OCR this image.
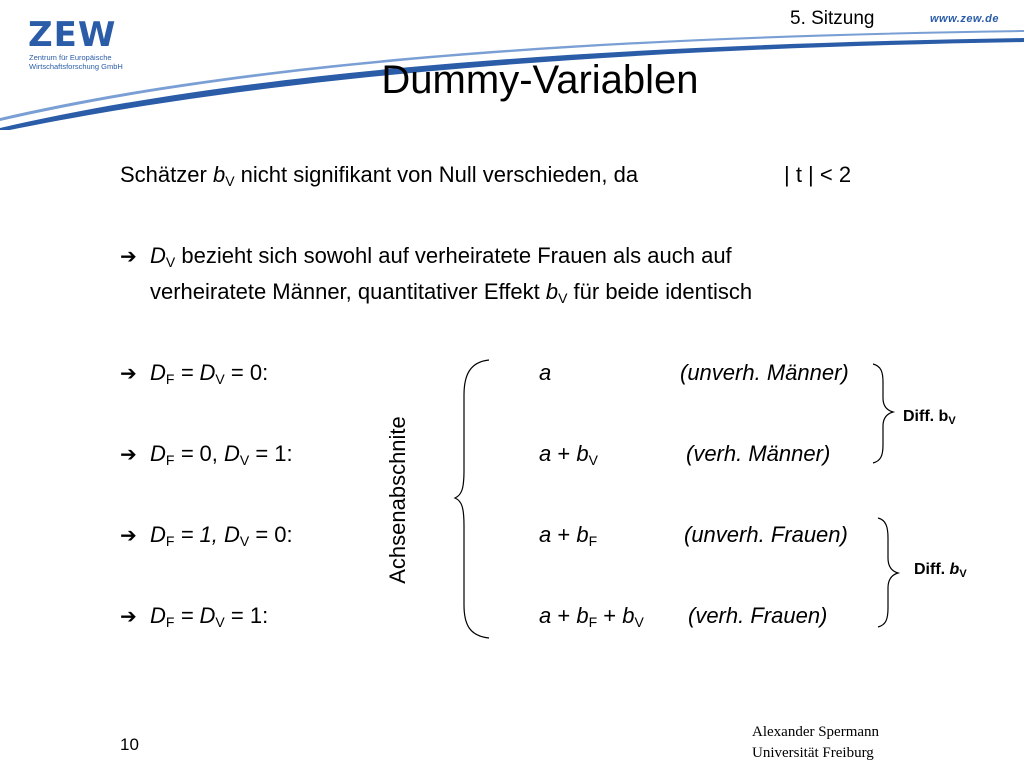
ZEW
Zentrum für Europäische Wirtschaftsforschung GmbH
5. Sitzung	www.zew.de
Dummy-Variablen
Schätzer $b_V$ nicht signifikant von Null verschieden, da	| t | < 2
➔ $D_V$ bezieht sich sowohl auf verheiratete Frauen als auch auf
verheiratete Männer, quantitativer Effekt $b_V$ für beide identisch
➔ $D_F = D_V = 0$:	a	(unverh. Männer)
➔ $D_F = 0$, $D_V = 1$:	$a + b_V$	(verh. Männer)
➔ $D_F = 1$, $D_V = 0$:	$a + b_F$	(unverh. Frauen)
➔ $D_F = D_V = 1$:	$a + b_F + b_V$ (verh. Frauen)
Achsenabschnite	Diff. $b_V$
Diff. $b_V$
10
Alexander Spermann
Universität Freiburg
